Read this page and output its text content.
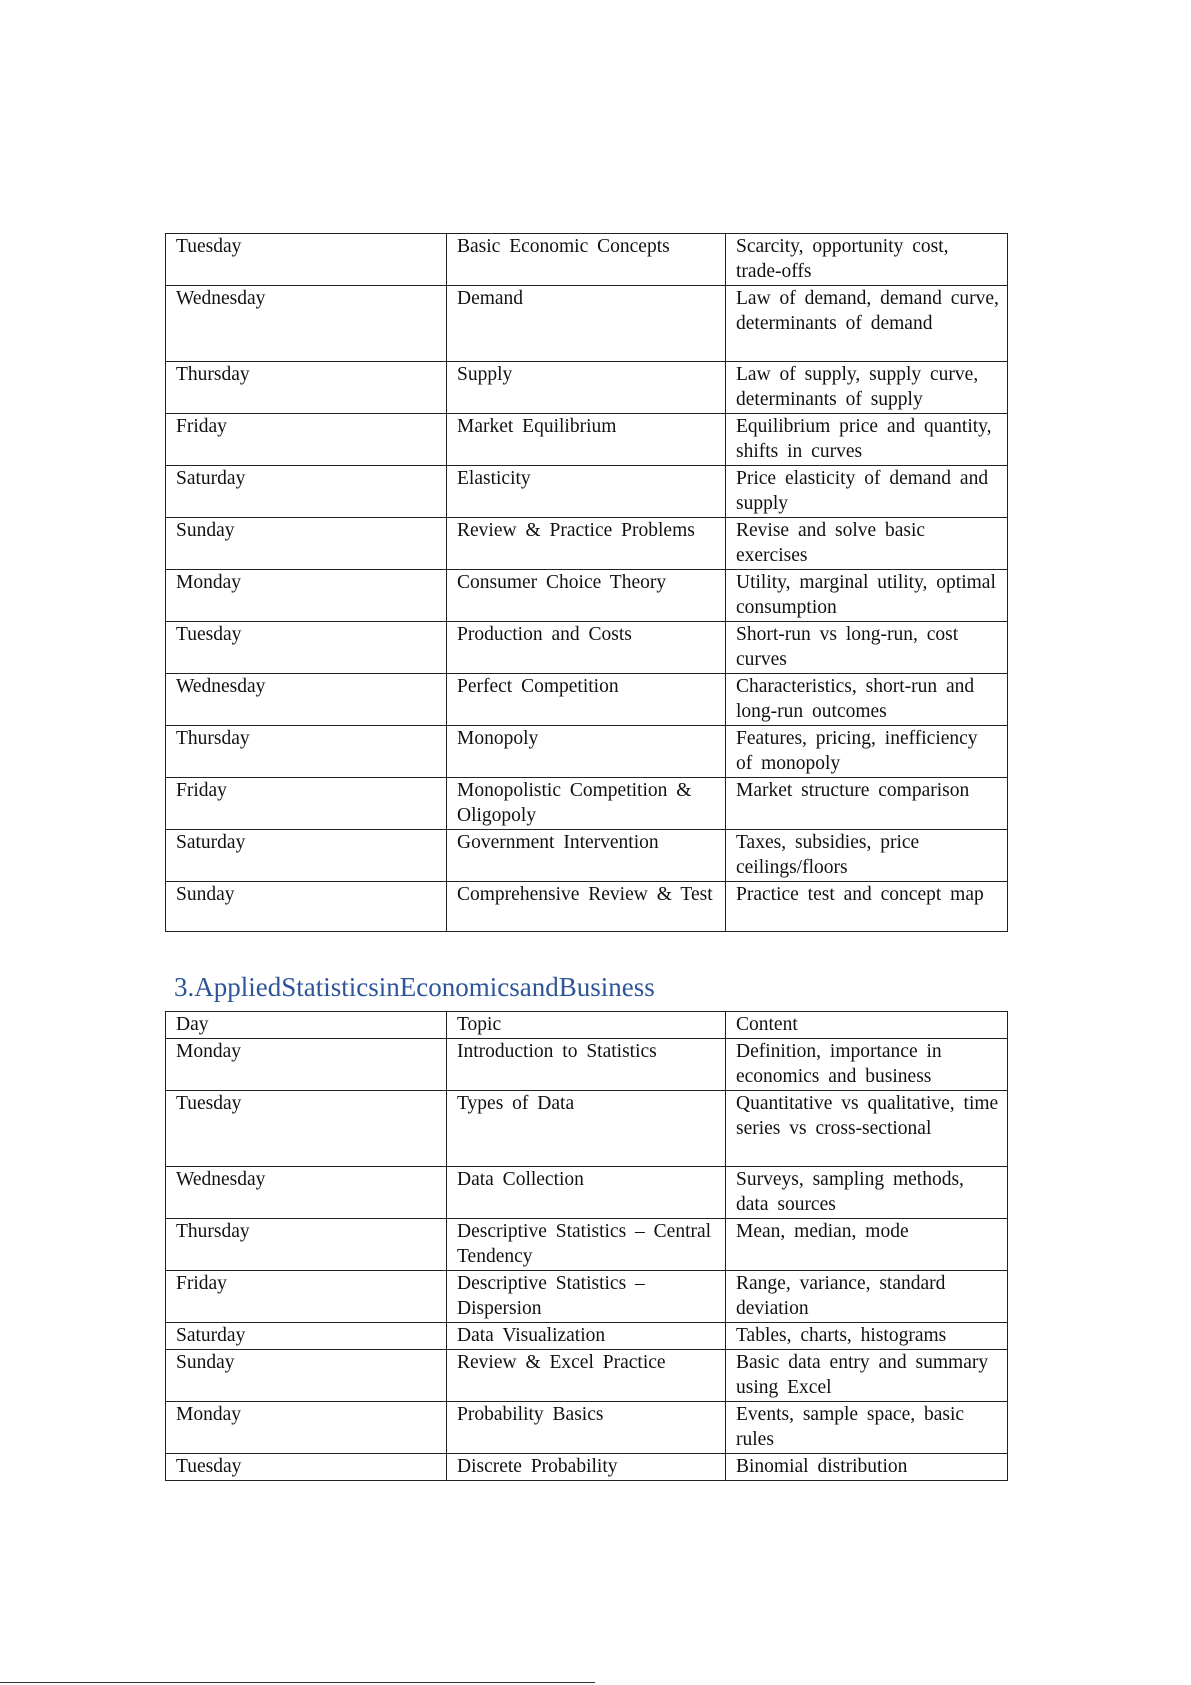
Tuesday	Basic Economic Concepts	Scarcity, opportunity cost, trade-offs
Wednesday	Demand	Law of demand, demand curve, determinants of demand
Thursday	Supply	Law of supply, supply curve, determinants of supply
Friday	Market Equilibrium	Equilibrium price and quantity, shifts in curves
Saturday	Elasticity	Price elasticity of demand and supply
Sunday	Review & Practice Problems	Revise and solve basic exercises
Monday	Consumer Choice Theory	Utility, marginal utility, optimal consumption
Tuesday	Production and Costs	Short-run vs long-run, cost curves
Wednesday	Perfect Competition	Characteristics, short-run and long-run outcomes
Thursday	Monopoly	Features, pricing, inefficiency of monopoly
Friday	Monopolistic Competition & Oligopoly	Market structure comparison
Saturday	Government Intervention	Taxes, subsidies, price ceilings/floors
Sunday	Comprehensive Review & Test	Practice test and concept map
3.AppliedStatisticsinEconomicsandBusiness
Day	Topic	Content
Monday	Introduction to Statistics	Definition, importance in economics and business
Tuesday	Types of Data	Quantitative vs qualitative, time series vs cross-sectional
Wednesday	Data Collection	Surveys, sampling methods, data sources
Thursday	Descriptive Statistics – Central Tendency	Mean, median, mode
Friday	Descriptive Statistics – Dispersion	Range, variance, standard deviation
Saturday	Data Visualization	Tables, charts, histograms
Sunday	Review & Excel Practice	Basic data entry and summary using Excel
Monday	Probability Basics	Events, sample space, basic rules
Tuesday	Discrete Probability	Binomial distribution
